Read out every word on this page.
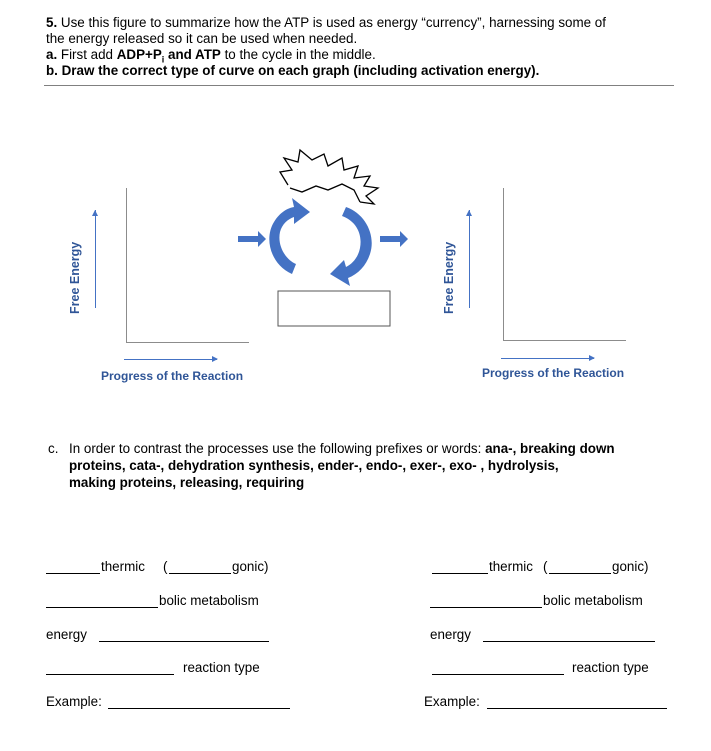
5. Use this figure to summarize how the ATP is used as energy “currency”, harnessing some of
the energy released so it can be used when needed.
a. First add $ADP+P_i$ and ATP to the cycle in the middle.
b. Draw the correct type of curve on each graph (including activation energy).
Free Energy
Progress of the Reaction
Free Energy
Progress of the Reaction
c. In order to contrast the processes use the following prefixes or words: ana-, breaking down
proteins, cata-, dehydration synthesis, ender-, endo-, exer-, exo- , hydrolysis,
making proteins, releasing, requiring
thermic (	gonic)
bolic metabolism
energy
reaction type
Example:
thermic (	gonic)
bolic metabolism
energy
reaction type
Example:
